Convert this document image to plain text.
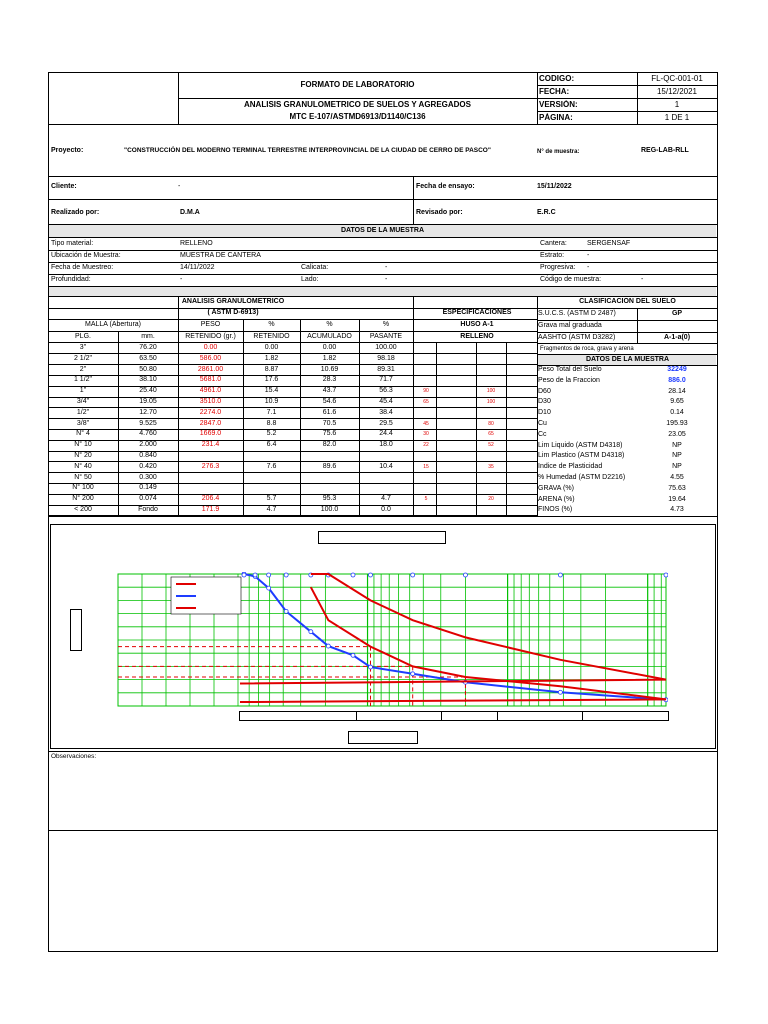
FORMATO DE LABORATORIO
ANALISIS GRANULOMETRICO DE SUELOS Y AGREGADOS
MTC E-107/ASTMD6913/D1140/C136
CODIGO:	FL-QC-001-01
FECHA:	15/12/2021
VERSIÓN:	1
PÁGINA:	1 DE 1
Proyecto:	"CONSTRUCCIÓN DEL MODERNO TERMINAL TERRESTRE INTERPROVINCIAL DE LA CIUDAD DE CERRO DE PASCO"	N° de muestra:	REG-LAB-RLL
Cliente:	-	Fecha de ensayo:	15/11/2022
Realizado por:	D.M.A	Revisado por:	E.R.C
DATOS DE LA MUESTRA
Tipo material:	RELLENO	Cantera:	SERGENSAF
Ubicación de Muestra:	MUESTRA DE CANTERA	Estrato:	-
Fecha de Muestreo:	14/11/2022	Calicata:	-	Progresiva: -
Profundidad:	-	Lado:	-	Código de muestra:	-
ANALISIS GRANULOMETRICO
( ASTM D-6913)	ESPECIFICACIONES
HUSO A-1
RELLENO
MALLA (Abertura)	PESO	%	%	%
PLG.	mm.	RETENIDO (gr.)	RETENIDO	ACUMULADO	PASANTE
3"	76.20	0.00	0.00	0.00	100.00
2 1/2"	63.50	586.00	1.82	1.82	98.18
2"	50.80	2861.00	8.87	10.69	89.31
1 1/2"	38.10	5681.0	17.6	28.3	71.7
1"	25.40	4961.0	15.4	43.7	56.3	90	100
3/4"	19.05	3510.0	10.9	54.6	45.4	65	100
1/2"	12.70	2274.0	7.1	61.6	38.4
3/8"	9.525	2847.0	8.8	70.5	29.5	45	80
N° 4	4.760	1669.0	5.2	75.6	24.4	30	65
N° 10	2.000	231.4	6.4	82.0	18.0	22	52
N° 20	0.840
N° 40	0.420	276.3	7.6	89.6	10.4	15	35
N° 50	0.300
N° 100	0.149
N° 200	0.074	206.4	5.7	95.3	4.7	5	20
< 200	Fondo	171.9	4.7	100.0	0.0
CLASIFICACION DEL SUELO
S.U.C.S. (ASTM D 2487)	GP
Grava mal graduada
AASHTO (ASTM D3282)	A-1-a(0)
Fragmentos de roca, grava y arena
DATOS DE LA MUESTRA
Peso Total del Suelo	32249
Peso de la Fraccion	886.0
D60	28.14
D30	9.65
D10	0.14
Cu	195.93
Cc	23.05
Lim Liquido (ASTM D4318)	NP
Lim Plastico (ASTM D4318)	NP
Indice de Plasticidad	NP
% Humedad (ASTM D2216)	4.55
GRAVA (%)	75.63
ARENA (%)	19.64
FINOS (%)	4.73
Observaciones:
